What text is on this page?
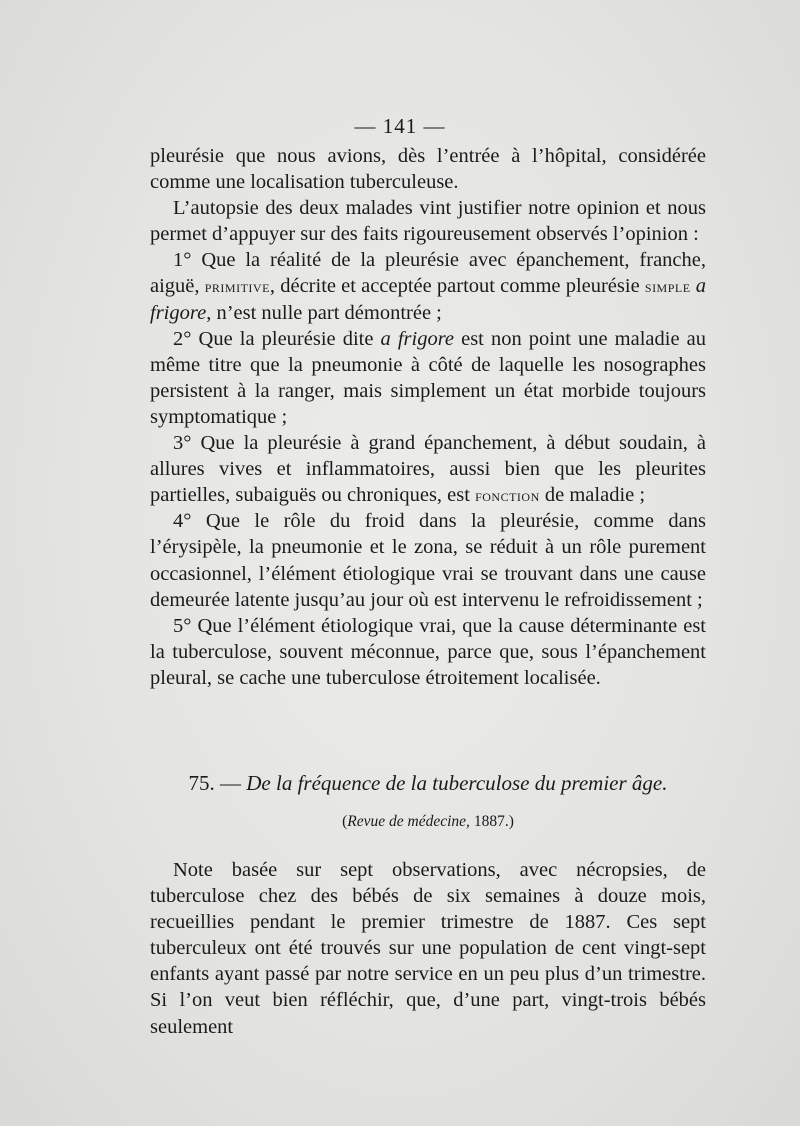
— 141 —

pleurésie que nous avions, dès l’entrée à l’hôpital, considérée comme une localisation tuberculeuse.

L’autopsie des deux malades vint justifier notre opinion et nous permet d’appuyer sur des faits rigoureusement observés l’opinion :

1° Que la réalité de la pleurésie avec épanchement, franche, aiguë, primitive, décrite et acceptée partout comme pleurésie simple a frigore, n’est nulle part démontrée ;

2° Que la pleurésie dite a frigore est non point une maladie au même titre que la pneumonie à côté de laquelle les nosographes persistent à la ranger, mais simplement un état morbide toujours symptomatique ;

3° Que la pleurésie à grand épanchement, à début soudain, à allures vives et inflammatoires, aussi bien que les pleurites partielles, subaiguës ou chroniques, est fonction de maladie ;

4° Que le rôle du froid dans la pleurésie, comme dans l’érysipèle, la pneumonie et le zona, se réduit à un rôle purement occasionnel, l’élément étiologique vrai se trouvant dans une cause demeurée latente jusqu’au jour où est intervenu le refroidissement ;

5° Que l’élément étiologique vrai, que la cause déterminante est la tuberculose, souvent méconnue, parce que, sous l’épanchement pleural, se cache une tuberculose étroitement localisée.

75. — De la fréquence de la tuberculose du premier âge.
(Revue de médecine, 1887.)

Note basée sur sept observations, avec nécropsies, de tuberculose chez des bébés de six semaines à douze mois, recueillies pendant le premier trimestre de 1887. Ces sept tuberculeux ont été trouvés sur une population de cent vingt-sept enfants ayant passé par notre service en un peu plus d’un trimestre. Si l’on veut bien réfléchir, que, d’une part, vingt-trois bébés seulement
